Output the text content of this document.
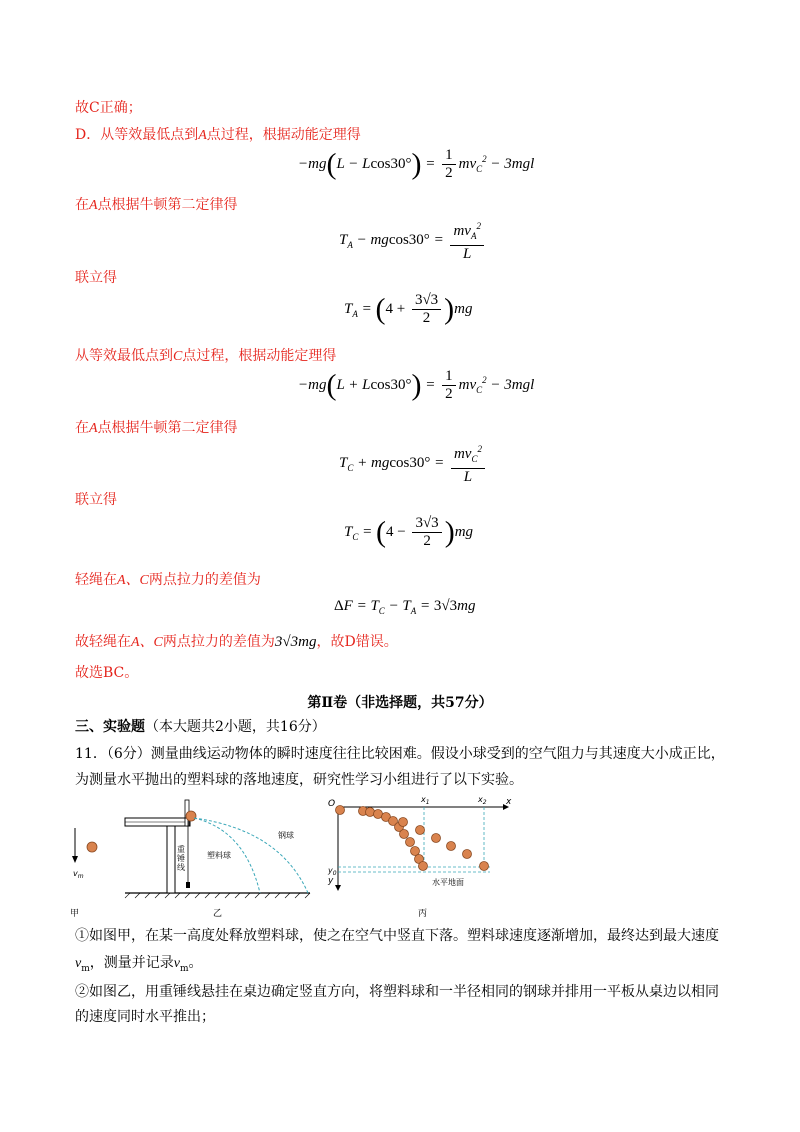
故C正确；
D．从等效最低点到A点过程，根据动能定理得
$-mg(L - Lcos30^\circ) = \frac{1}{2} mv_C^2 - 3mgl$
在A点根据牛顿第二定律得
$T_A - mgcos30^\circ = \frac{mv_A^2}{L}$
联立得
$T_A = (4 + \frac{3√3}{2} )mg$
从等效最低点到C点过程，根据动能定理得
$-mg(L + Lcos30^\circ) = \frac{1}{2} mv_C^2 - 3mgl$
在A点根据牛顿第二定律得
$T_C + mgcos30^\circ = \frac{mv_C^2}{L}$
联立得
$T_C = (4 - \frac{3√3}{2} )mg$
轻绳在A、C两点拉力的差值为
$\Delta F = T_C - T_A = 3√3mg$
故轻绳在A、C两点拉力的差值为3√3mg，故D错误。
故选BC。
第Ⅱ卷（非选择题，共57分）
三、实验题（本大题共2小题，共16分）
11．（6分）测量曲线运动物体的瞬时速度往往比较困难。假设小球受到的空气阻力与其速度大小成正比，
为测量水平抛出的塑料球的落地速度，研究性学习小组进行了以下实验。
$v_m$
重锤线
塑料球
钢球
O	x
y
$y_0$
$x_1$	$x_2$
水平地面
甲	乙	丙
①如图甲，在某一高度处释放塑料球，使之在空气中竖直下落。塑料球速度逐渐增加，最终达到最大速度
$v_m$，测量并记录$v_m$。
②如图乙，用重锤线悬挂在桌边确定竖直方向，将塑料球和一半径相同的钢球并排用一平板从桌边以相同
的速度同时水平推出；
